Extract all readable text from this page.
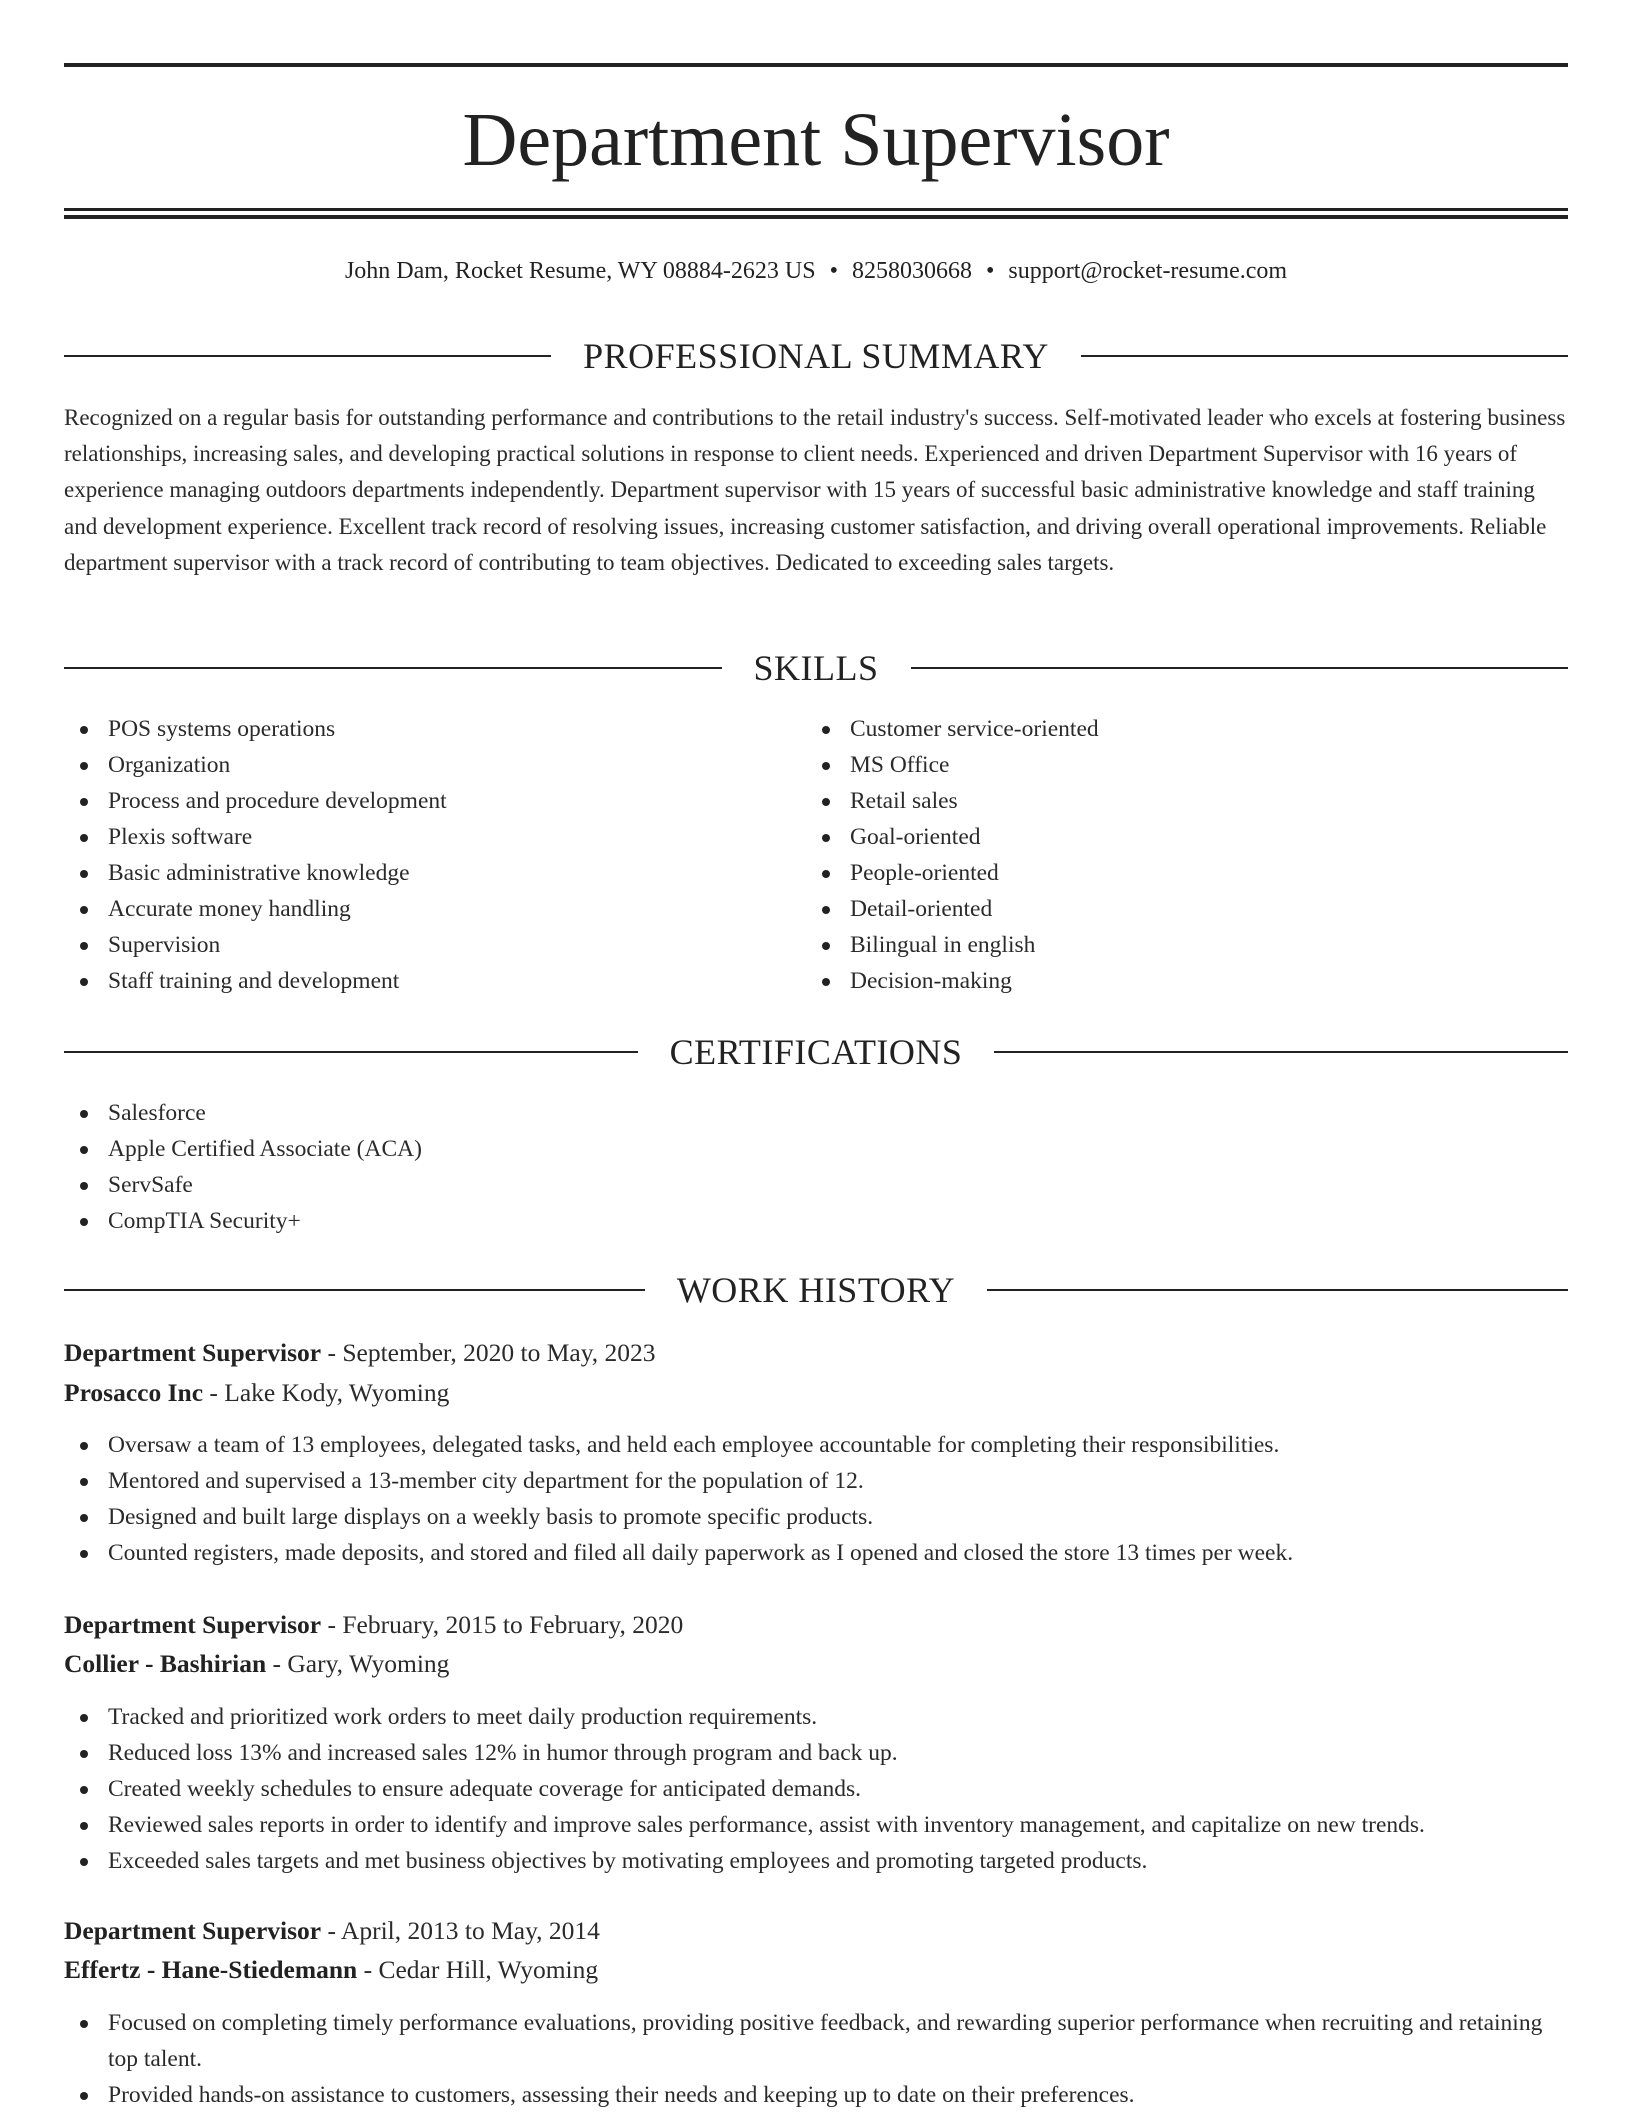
Department Supervisor
John Dam, Rocket Resume, WY 08884-2623 US • 8258030668 • support@rocket-resume.com
PROFESSIONAL SUMMARY

Recognized on a regular basis for outstanding performance and contributions to the retail industry's success. Self-motivated leader who excels at fostering business relationships, increasing sales, and developing practical solutions in response to client needs. Experienced and driven Department Supervisor with 16 years of experience managing outdoors departments independently. Department supervisor with 15 years of successful basic administrative knowledge and staff training and development experience. Excellent track record of resolving issues, increasing customer satisfaction, and driving overall operational improvements. Reliable department supervisor with a track record of contributing to team objectives. Dedicated to exceeding sales targets.

SKILLS
POS systems operations
Organization
Process and procedure development
Plexis software
Basic administrative knowledge
Accurate money handling
Supervision
Staff training and development
Customer service-oriented
MS Office
Retail sales
Goal-oriented
People-oriented
Detail-oriented
Bilingual in english
Decision-making
CERTIFICATIONS
Salesforce
Apple Certified Associate (ACA)
ServSafe
CompTIA Security+
WORK HISTORY
Department Supervisor - September, 2020 to May, 2023
Prosacco Inc - Lake Kody, Wyoming
Oversaw a team of 13 employees, delegated tasks, and held each employee accountable for completing their responsibilities.
Mentored and supervised a 13-member city department for the population of 12.
Designed and built large displays on a weekly basis to promote specific products.
Counted registers, made deposits, and stored and filed all daily paperwork as I opened and closed the store 13 times per week.
Department Supervisor - February, 2015 to February, 2020
Collier - Bashirian - Gary, Wyoming
Tracked and prioritized work orders to meet daily production requirements.
Reduced loss 13% and increased sales 12% in humor through program and back up.
Created weekly schedules to ensure adequate coverage for anticipated demands.
Reviewed sales reports in order to identify and improve sales performance, assist with inventory management, and capitalize on new trends.
Exceeded sales targets and met business objectives by motivating employees and promoting targeted products.
Department Supervisor - April, 2013 to May, 2014
Effertz - Hane-Stiedemann - Cedar Hill, Wyoming
Focused on completing timely performance evaluations, providing positive feedback, and rewarding superior performance when recruiting and retaining top talent.
Provided hands-on assistance to customers, assessing their needs and keeping up to date on their preferences.
